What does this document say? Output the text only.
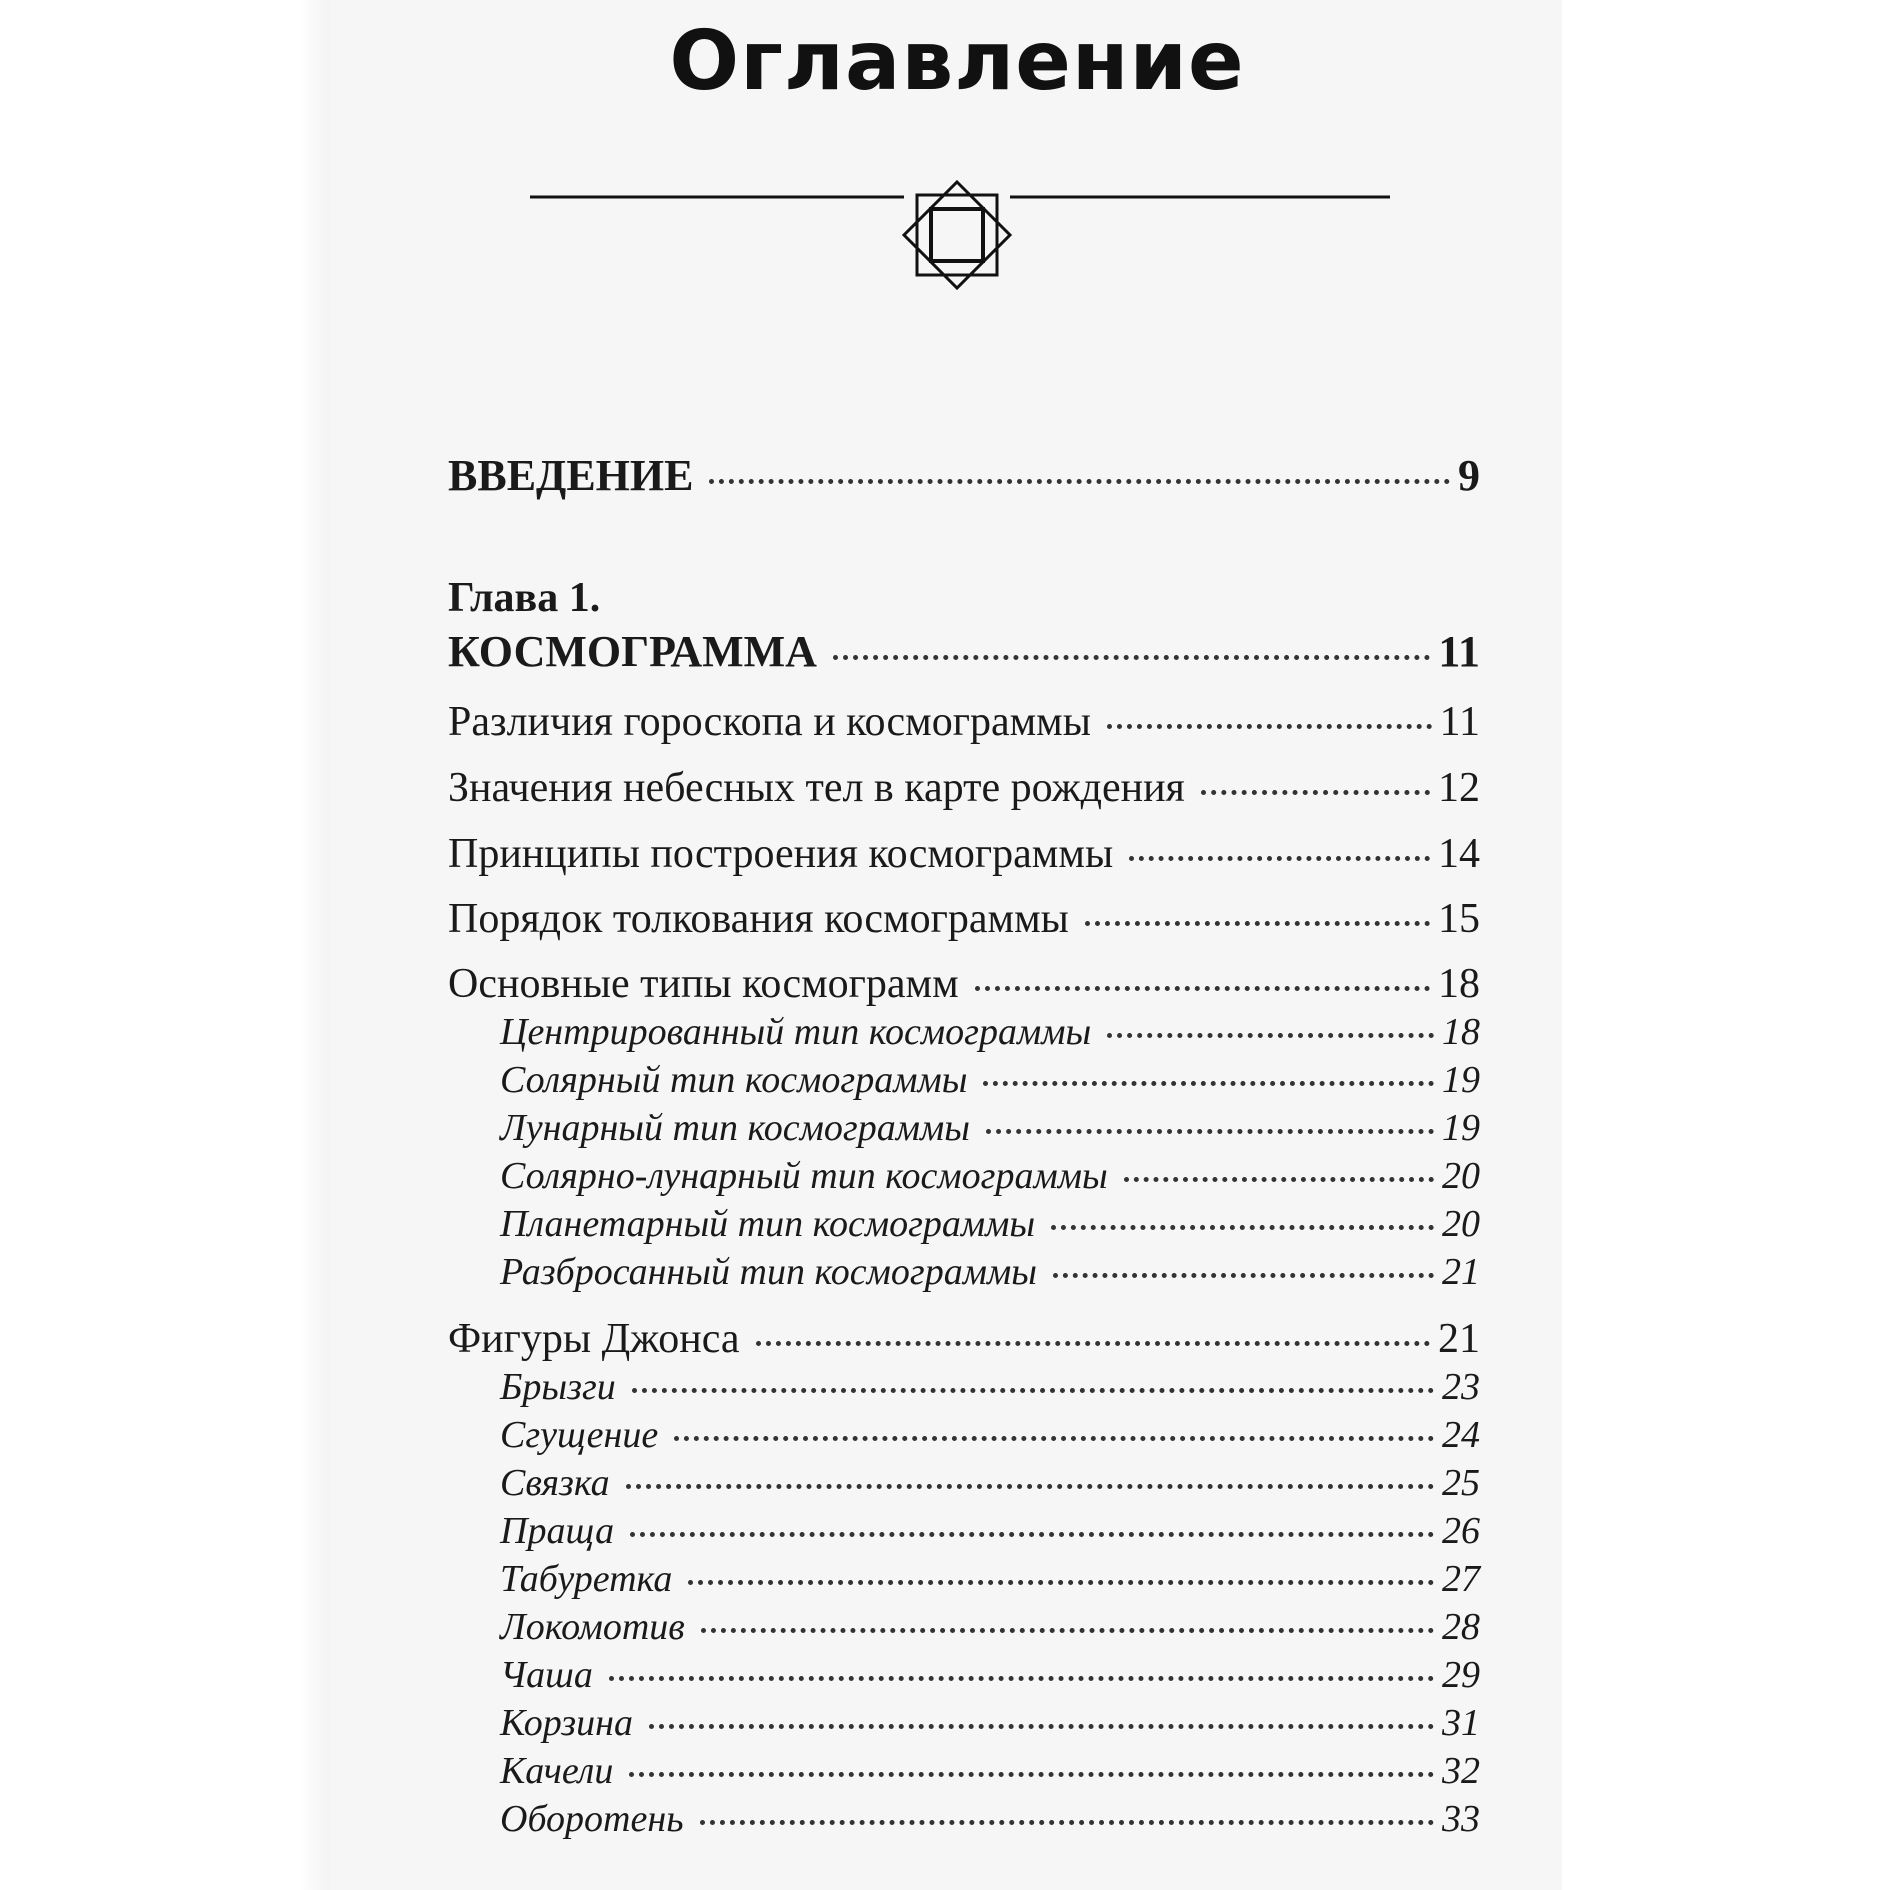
Оглавление
ВВЕДЕНИЕ	9
Глава 1.
КОСМОГРАММА	11
Различия гороскопа и космограммы	11
Значения небесных тел в карте рождения	12
Принципы построения космограммы	14
Порядок толкования космограммы	15
Основные типы космограмм	18
Центрированный тип космограммы	18
Солярный тип космограммы	19
Лунарный тип космограммы	19
Солярно-лунарный тип космограммы	20
Планетарный тип космограммы	20
Разбросанный тип космограммы	21
Фигуры Джонса	21
Брызги	23
Сгущение	24
Связка	25
Праща	26
Табуретка	27
Локомотив	28
Чаша	29
Корзина	31
Качели	32
Оборотень	33
